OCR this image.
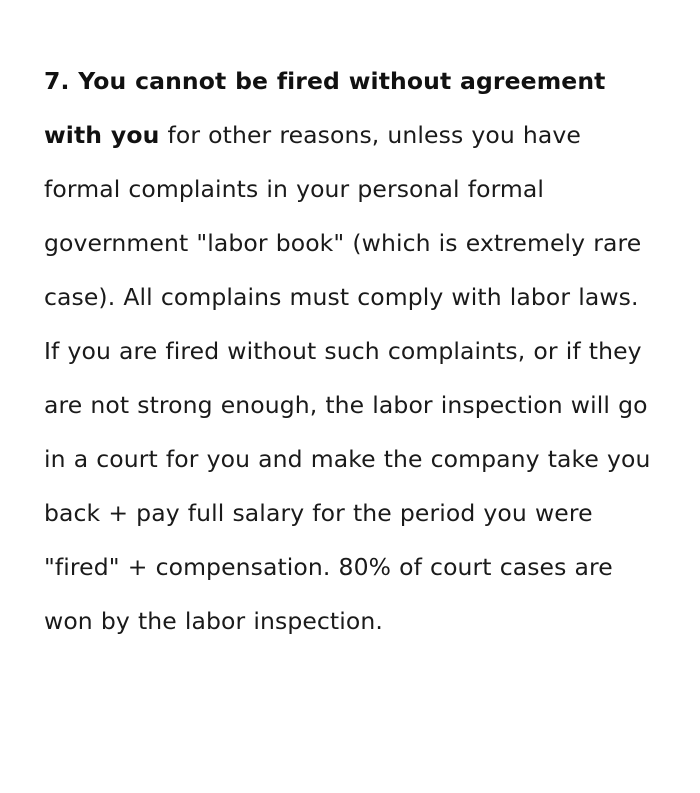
7. You cannot be fired without agreement with you for other reasons, unless you have formal complaints in your personal formal government "labor book" (which is extremely rare case). All complains must comply with labor laws. If you are fired without such complaints, or if they are not strong enough, the labor inspection will go in a court for you and make the company take you back + pay full salary for the period you were "fired" + compensation. 80% of court cases are won by the labor inspection.
